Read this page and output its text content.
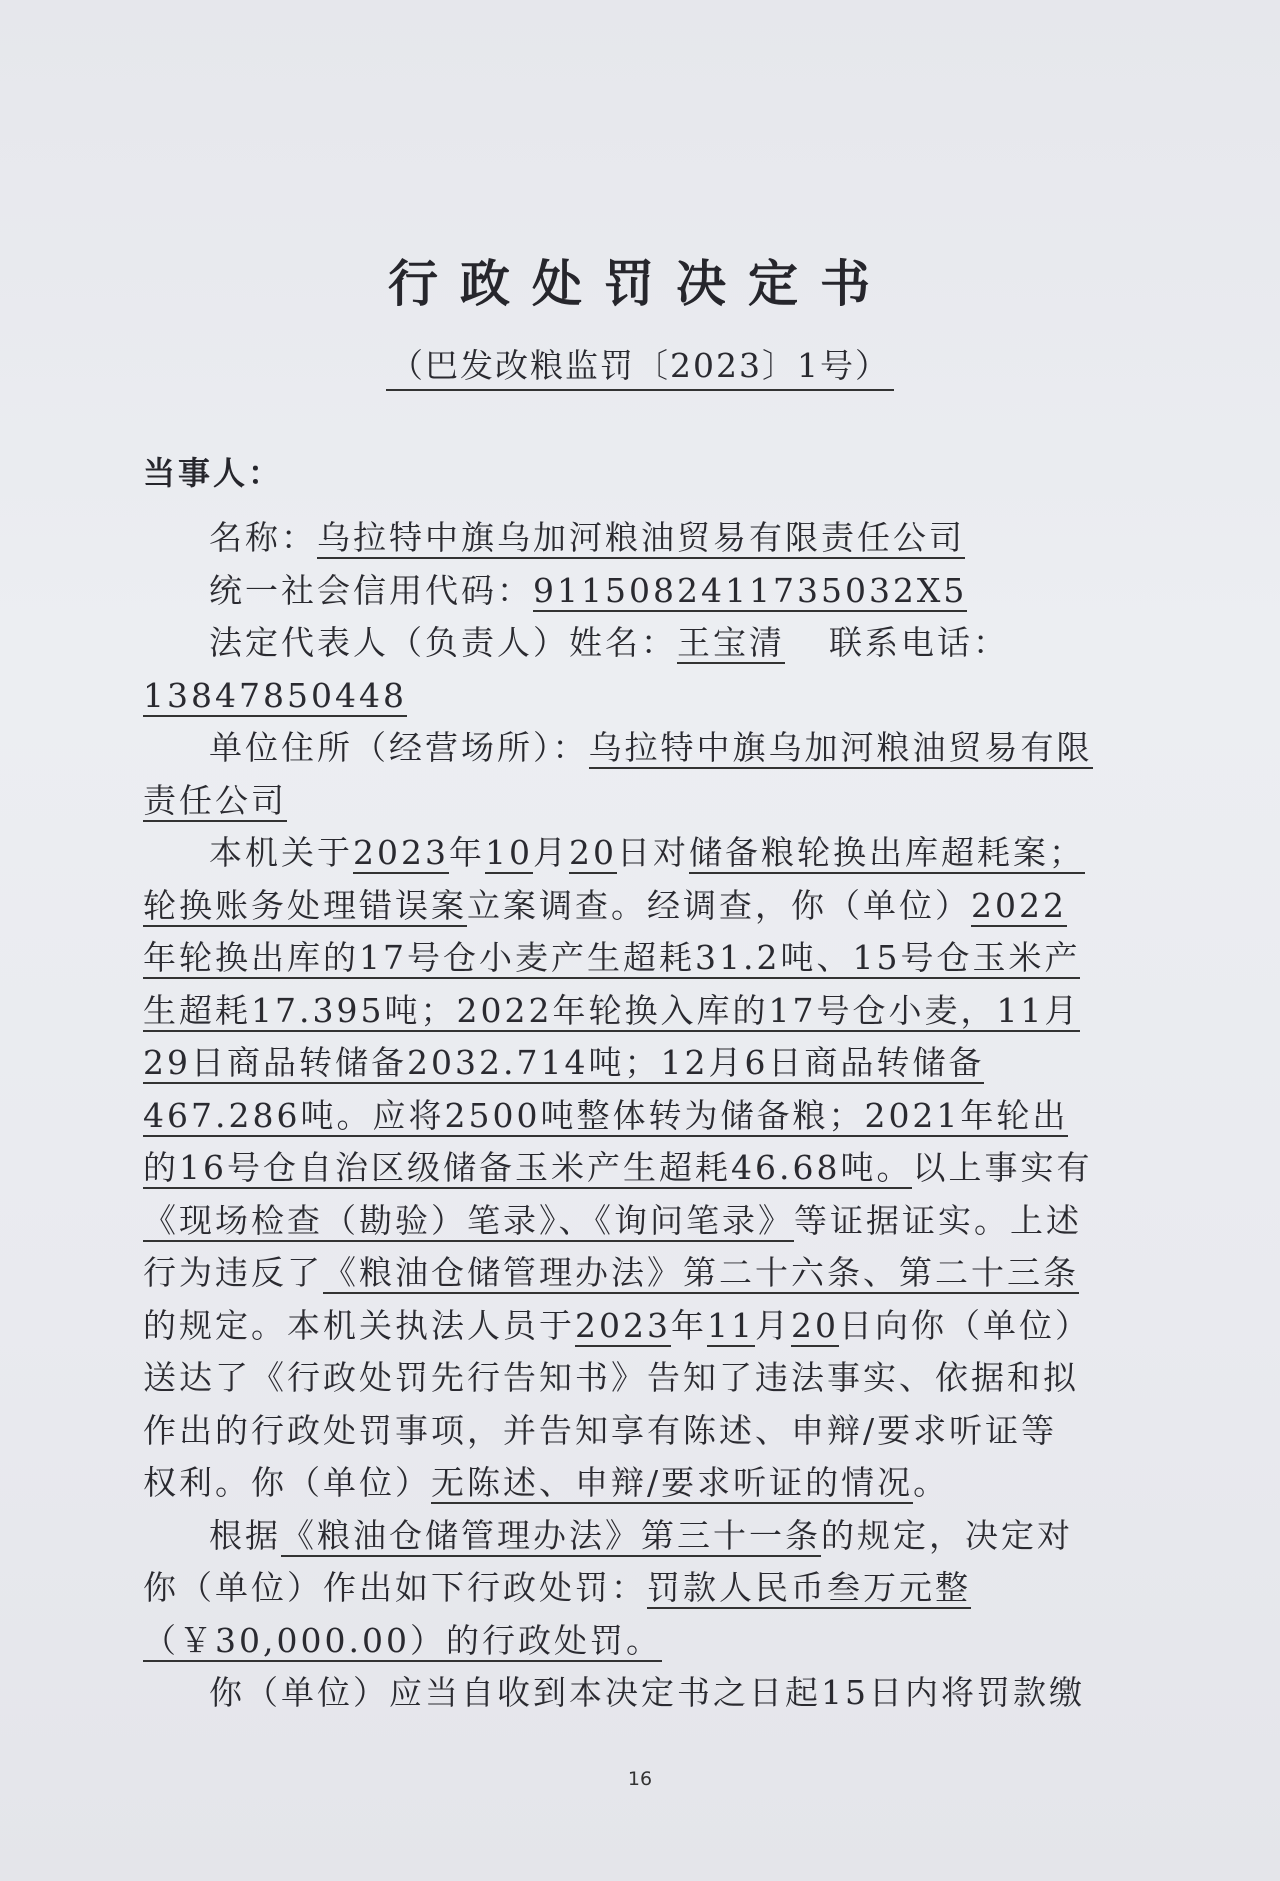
行政处罚决定书
（巴发改粮监罚〔2023〕1号）
当事人：

名称：乌拉特中旗乌加河粮油贸易有限责任公司

统一社会信用代码：9115082411735032X5

法定代表人（负责人）姓名：王宝清 联系电话：13847850448

单位住所（经营场所）：乌拉特中旗乌加河粮油贸易有限责任公司

本机关于2023年10月20日对储备粮轮换出库超耗案；轮换账务处理错误案立案调查。经调查，你（单位）2022年轮换出库的17号仓小麦产生超耗31.2吨、15号仓玉米产生超耗17.395吨；2022年轮换入库的17号仓小麦，11月29日商品转储备2032.714吨；12月6日商品转储备467.286吨。应将2500吨整体转为储备粮；2021年轮出的16号仓自治区级储备玉米产生超耗46.68吨。以上事实有《现场检查（勘验）笔录》、《询问笔录》等证据证实。上述行为违反了《粮油仓储管理办法》第二十六条、第二十三条的规定。本机关执法人员于2023年11月20日向你（单位）送达了《行政处罚先行告知书》告知了违法事实、依据和拟作出的行政处罚事项，并告知享有陈述、申辩/要求听证等权利。你（单位）无陈述、申辩/要求听证的情况。

根据《粮油仓储管理办法》第三十一条的规定，决定对你（单位）作出如下行政处罚：罚款人民币叁万元整（￥30,000.00）的行政处罚。

你（单位）应当自收到本决定书之日起15日内将罚款缴

16
